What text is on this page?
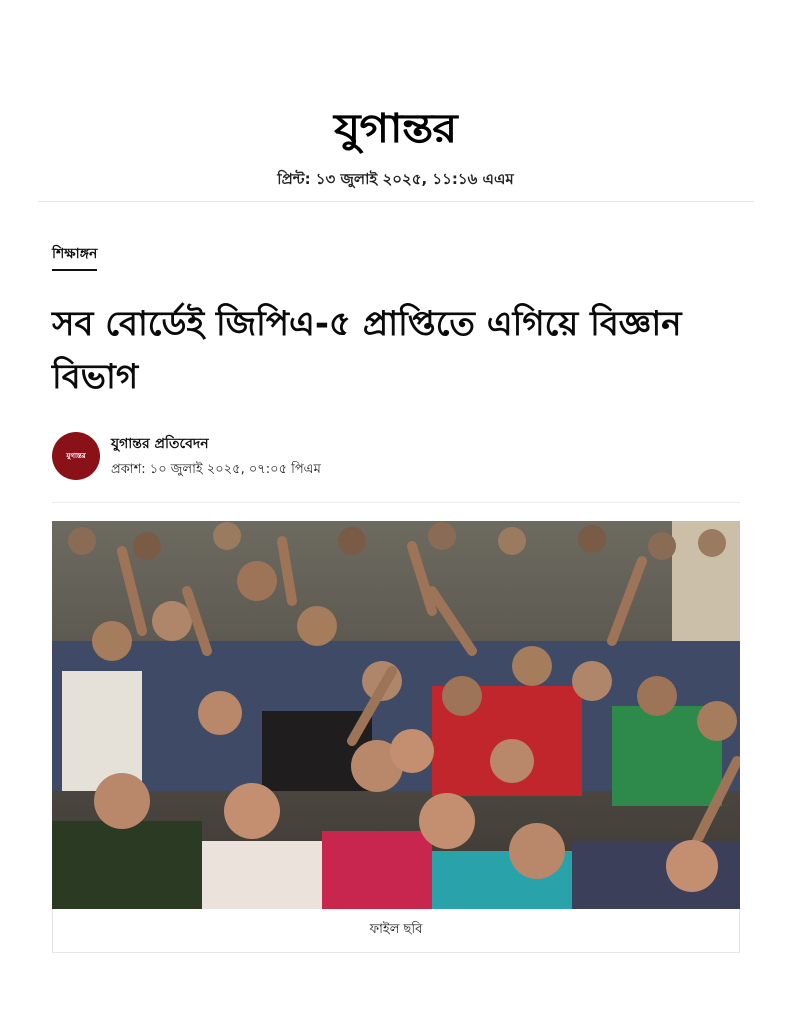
যুগান্তর
প্রিন্ট: ১৩ জুলাই ২০২৫, ১১:১৬ এএম
শিক্ষাঙ্গন
সব বোর্ডেই জিপিএ-৫ প্রাপ্তিতে এগিয়ে বিজ্ঞান বিভাগ
যুগান্তর
যুগান্তর প্রতিবেদন
প্রকাশ: ১০ জুলাই ২০২৫, ০৭:০৫ পিএম
ফাইল ছবি
